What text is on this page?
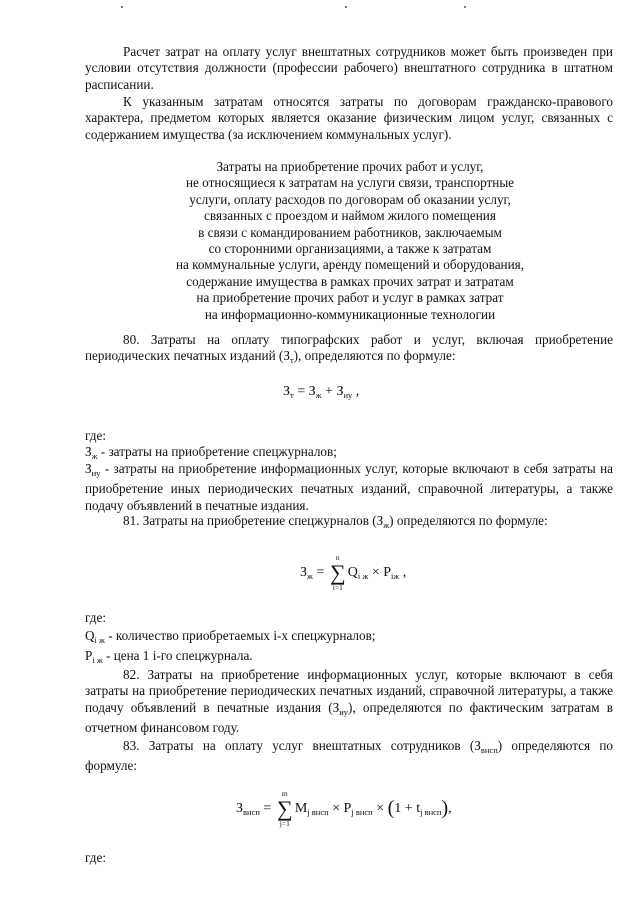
Расчет затрат на оплату услуг внештатных сотрудников может быть произведен при условии отсутствия должности (профессии рабочего) внештатного сотрудника в штатном расписании.

К указанным затратам относятся затраты по договорам гражданско-правового характера, предметом которых является оказание физическим лицом услуг, связанных с содержанием имущества (за исключением коммунальных услуг).

Затраты на приобретение прочих работ и услуг,
не относящиеся к затратам на услуги связи, транспортные
услуги, оплату расходов по договорам об оказании услуг,
связанных с проездом и наймом жилого помещения
в связи с командированием работников, заключаемым
со сторонними организациями, а также к затратам
на коммунальные услуги, аренду помещений и оборудования,
содержание имущества в рамках прочих затрат и затратам
на приобретение прочих работ и услуг в рамках затрат
на информационно-коммуникационные технологии

80. Затраты на оплату типографских работ и услуг, включая приобретение периодических печатных изданий $(З_т)$, определяются по формуле:

$З_т = З_ж + З_{иу}$ ,

где:

$З_ж$ - затраты на приобретение спецжурналов;

$З_{иу}$ - затраты на приобретение информационных услуг, которые включают в себя затраты на приобретение иных периодических печатных изданий, справочной литературы, а также подачу объявлений в печатные издания.

81. Затраты на приобретение спецжурналов $(З_ж)$ определяются по формуле:

$З_ж$ =
n
∑
i=1
$Q_{i ж} \times P_{iж}$ ,

где:

$Q_{i ж}$ - количество приобретаемых i-х спецжурналов;

$P_{i ж}$ - цена 1 i-го спецжурнала.

82. Затраты на приобретение информационных услуг, которые включают в себя затраты на приобретение периодических печатных изданий, справочной литературы, а также подачу объявлений в печатные издания $(З_{иу})$, определяются по фактическим затратам в отчетном финансовом году.

83. Затраты на оплату услуг внештатных сотрудников $(З_{внсп})$ определяются по формуле:

$З_{внсп}$ =
m
∑
j=1
$M_{j внсп} \times P_{j внсп} \times (1 + t_{j внсп})$,

где:
